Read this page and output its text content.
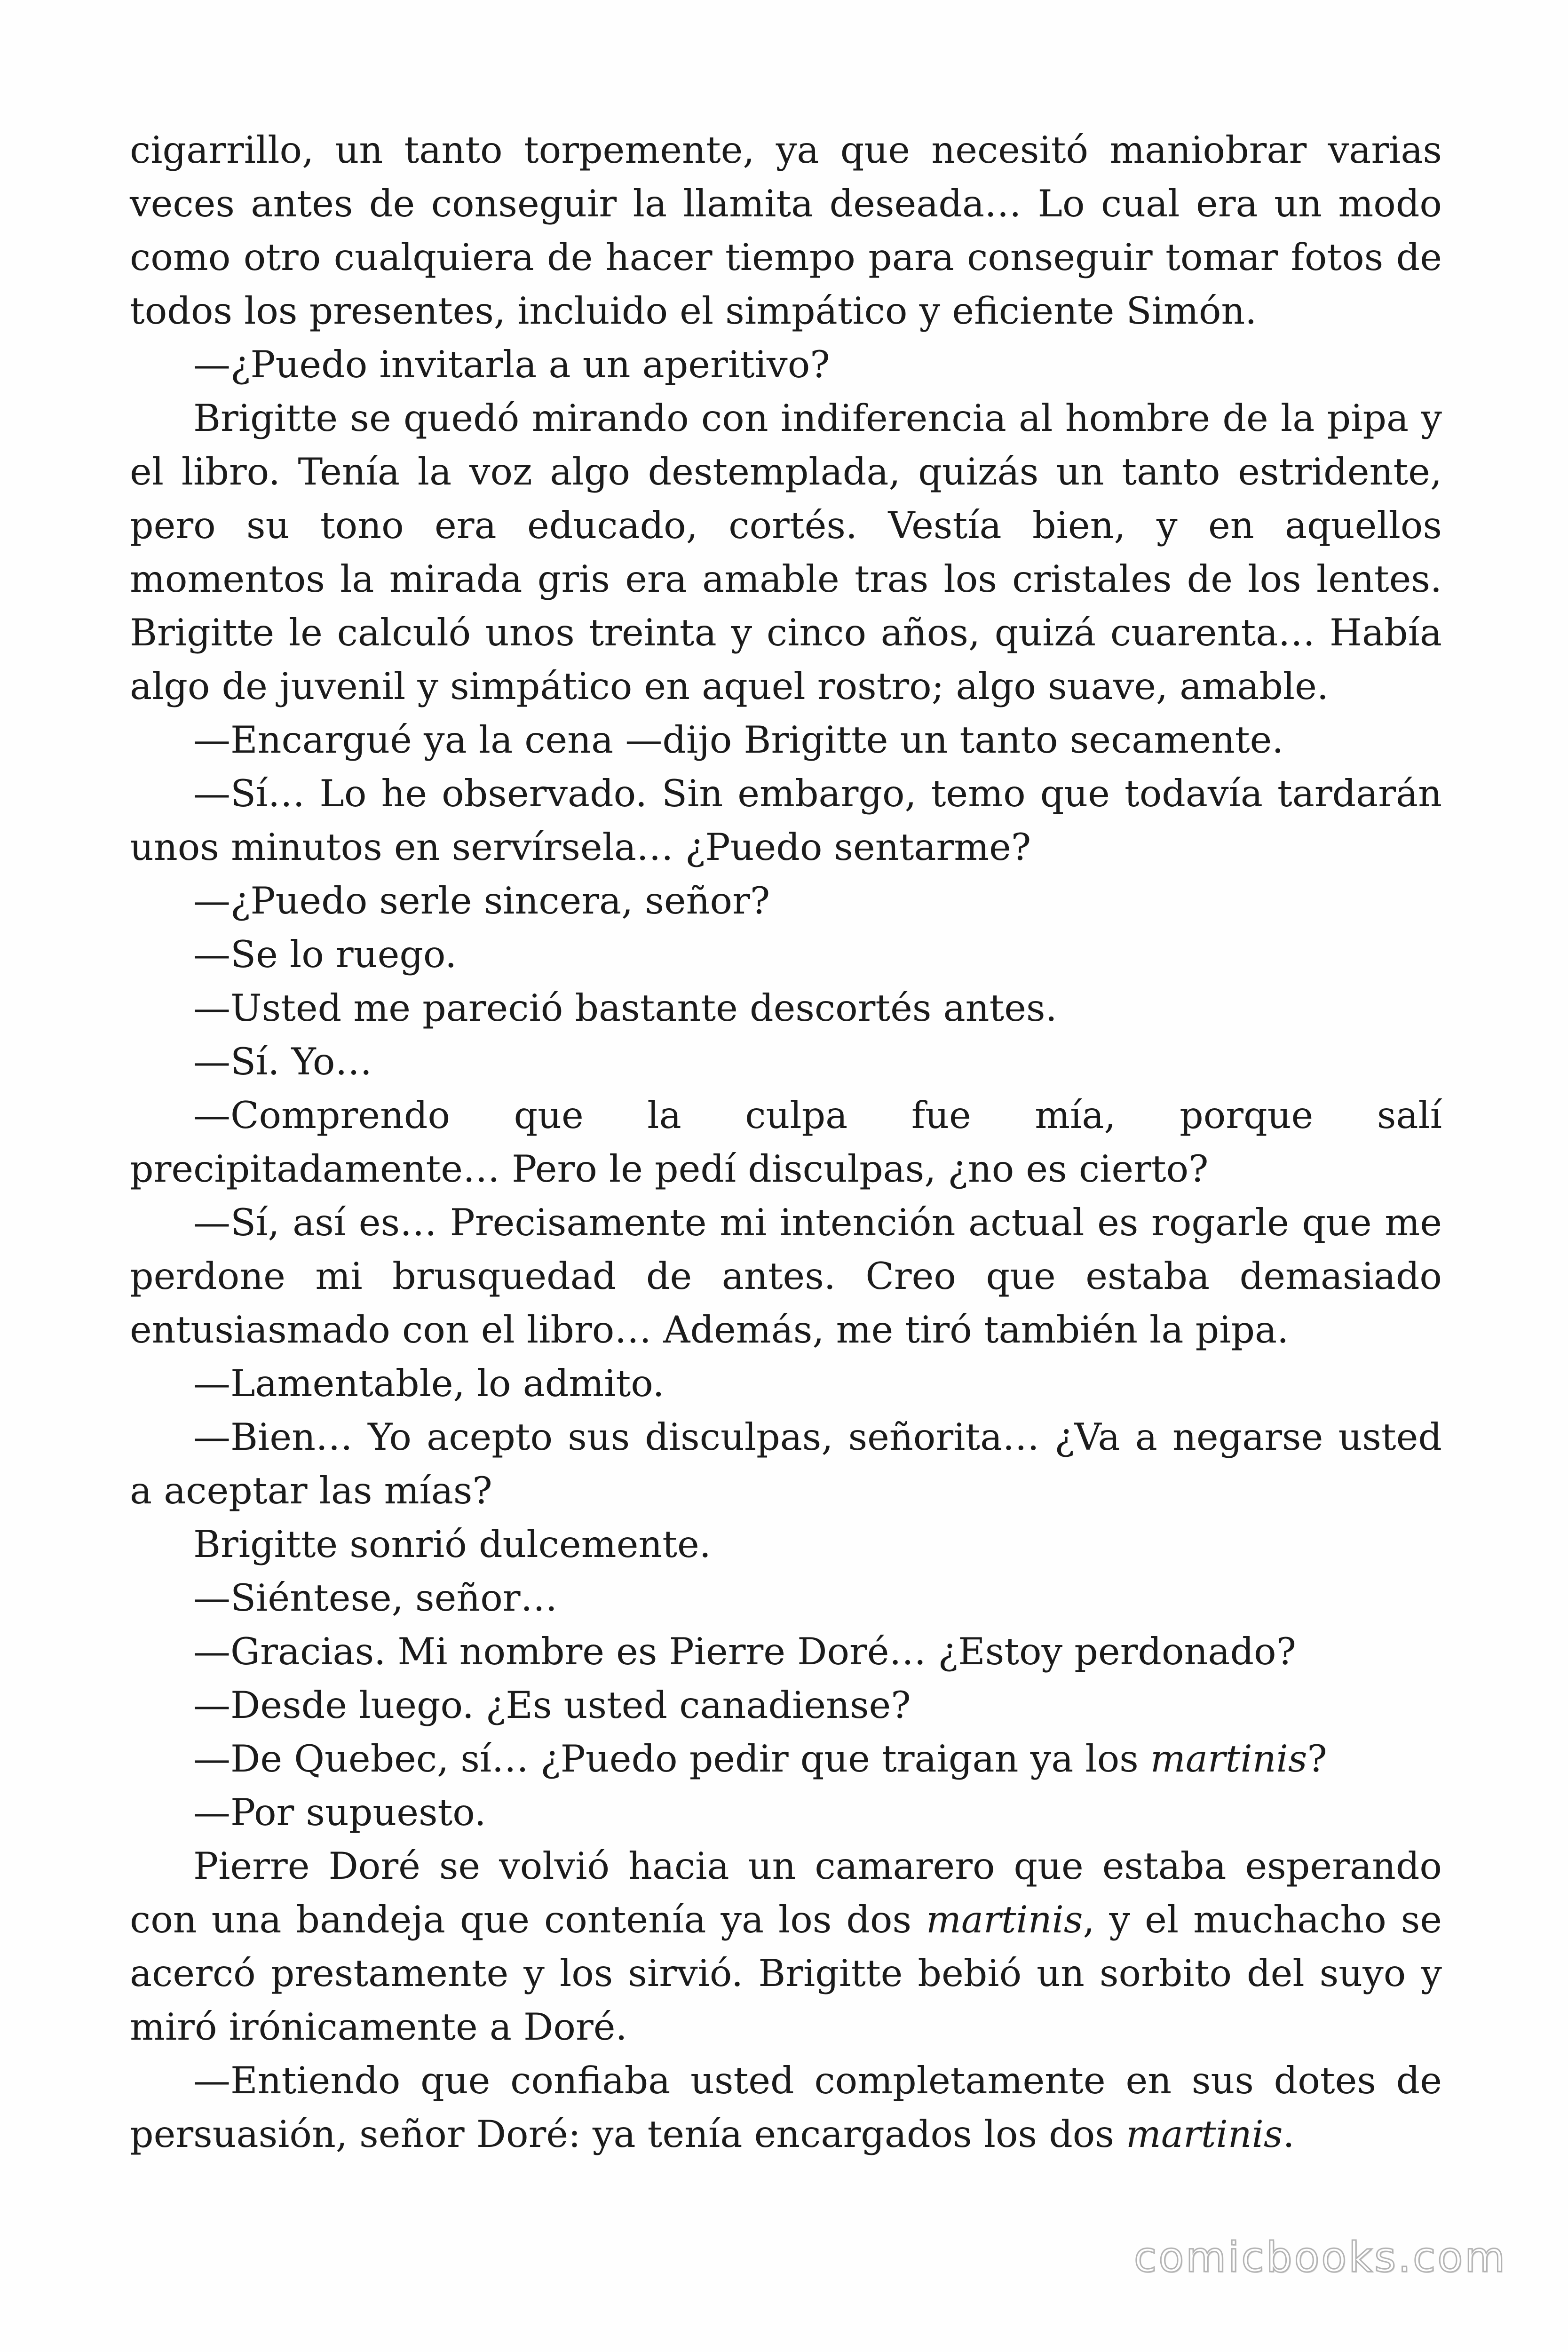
cigarrillo, un tanto torpemente, ya que necesitó maniobrar varias veces antes de conseguir la llamita deseada… Lo cual era un modo como otro cualquiera de hacer tiempo para conseguir tomar fotos de todos los presentes, incluido el simpático y eficiente Simón.

—¿Puedo invitarla a un aperitivo?

Brigitte se quedó mirando con indiferencia al hombre de la pipa y el libro. Tenía la voz algo destemplada, quizás un tanto estridente, pero su tono era educado, cortés. Vestía bien, y en aquellos momentos la mirada gris era amable tras los cristales de los lentes. Brigitte le calculó unos treinta y cinco años, quizá cuarenta… Había algo de juvenil y simpático en aquel rostro; algo suave, amable.

—Encargué ya la cena —dijo Brigitte un tanto secamente.

—Sí… Lo he observado. Sin embargo, temo que todavía tardarán unos minutos en servírsela… ¿Puedo sentarme?

—¿Puedo serle sincera, señor?

—Se lo ruego.

—Usted me pareció bastante descortés antes.

—Sí. Yo…

—Comprendo que la culpa fue mía, porque salí precipitadamente… Pero le pedí disculpas, ¿no es cierto?

—Sí, así es… Precisamente mi intención actual es rogarle que me perdone mi brusquedad de antes. Creo que estaba demasiado entusiasmado con el libro… Además, me tiró también la pipa.

—Lamentable, lo admito.

—Bien… Yo acepto sus disculpas, señorita… ¿Va a negarse usted a aceptar las mías?

Brigitte sonrió dulcemente.

—Siéntese, señor…

—Gracias. Mi nombre es Pierre Doré… ¿Estoy perdonado?

—Desde luego. ¿Es usted canadiense?

—De Quebec, sí… ¿Puedo pedir que traigan ya los martinis?

—Por supuesto.

Pierre Doré se volvió hacia un camarero que estaba esperando con una bandeja que contenía ya los dos martinis, y el muchacho se acercó prestamente y los sirvió. Brigitte bebió un sorbito del suyo y miró irónicamente a Doré.

—Entiendo que confiaba usted completamente en sus dotes de persuasión, señor Doré: ya tenía encargados los dos martinis.

comicbooks.com
